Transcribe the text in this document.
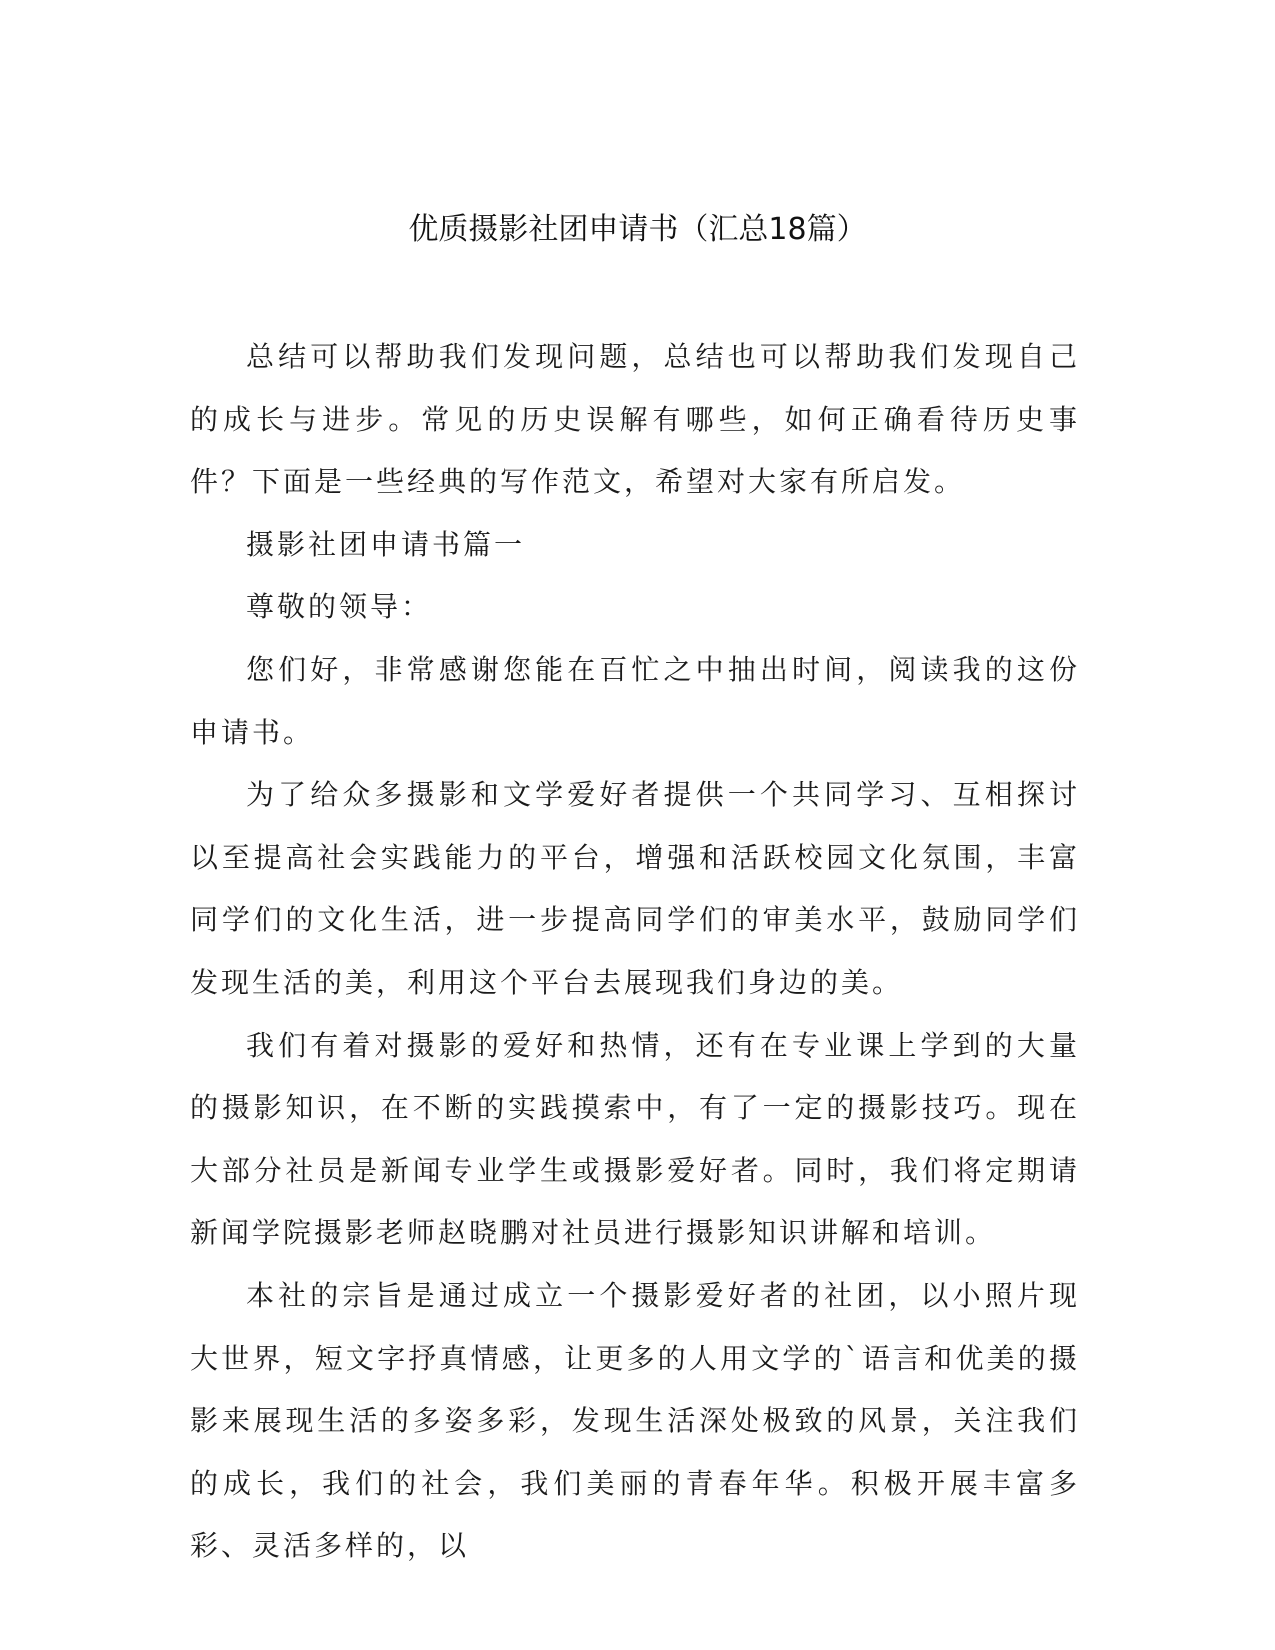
优质摄影社团申请书（汇总18篇）

总结可以帮助我们发现问题，总结也可以帮助我们发现自己的成长与进步。常见的历史误解有哪些，如何正确看待历史事件？下面是一些经典的写作范文，希望对大家有所启发。

摄影社团申请书篇一

尊敬的领导：

您们好，非常感谢您能在百忙之中抽出时间，阅读我的这份申请书。

为了给众多摄影和文学爱好者提供一个共同学习、互相探讨以至提高社会实践能力的平台，增强和活跃校园文化氛围，丰富同学们的文化生活，进一步提高同学们的审美水平，鼓励同学们发现生活的美，利用这个平台去展现我们身边的美。

我们有着对摄影的爱好和热情，还有在专业课上学到的大量的摄影知识，在不断的实践摸索中，有了一定的摄影技巧。现在大部分社员是新闻专业学生或摄影爱好者。同时，我们将定期请新闻学院摄影老师赵晓鹏对社员进行摄影知识讲解和培训。

本社的宗旨是通过成立一个摄影爱好者的社团，以小照片现大世界，短文字抒真情感，让更多的人用文学的`语言和优美的摄影来展现生活的多姿多彩，发现生活深处极致的风景，关注我们的成长，我们的社会，我们美丽的青春年华。积极开展丰富多彩、灵活多样的，以
